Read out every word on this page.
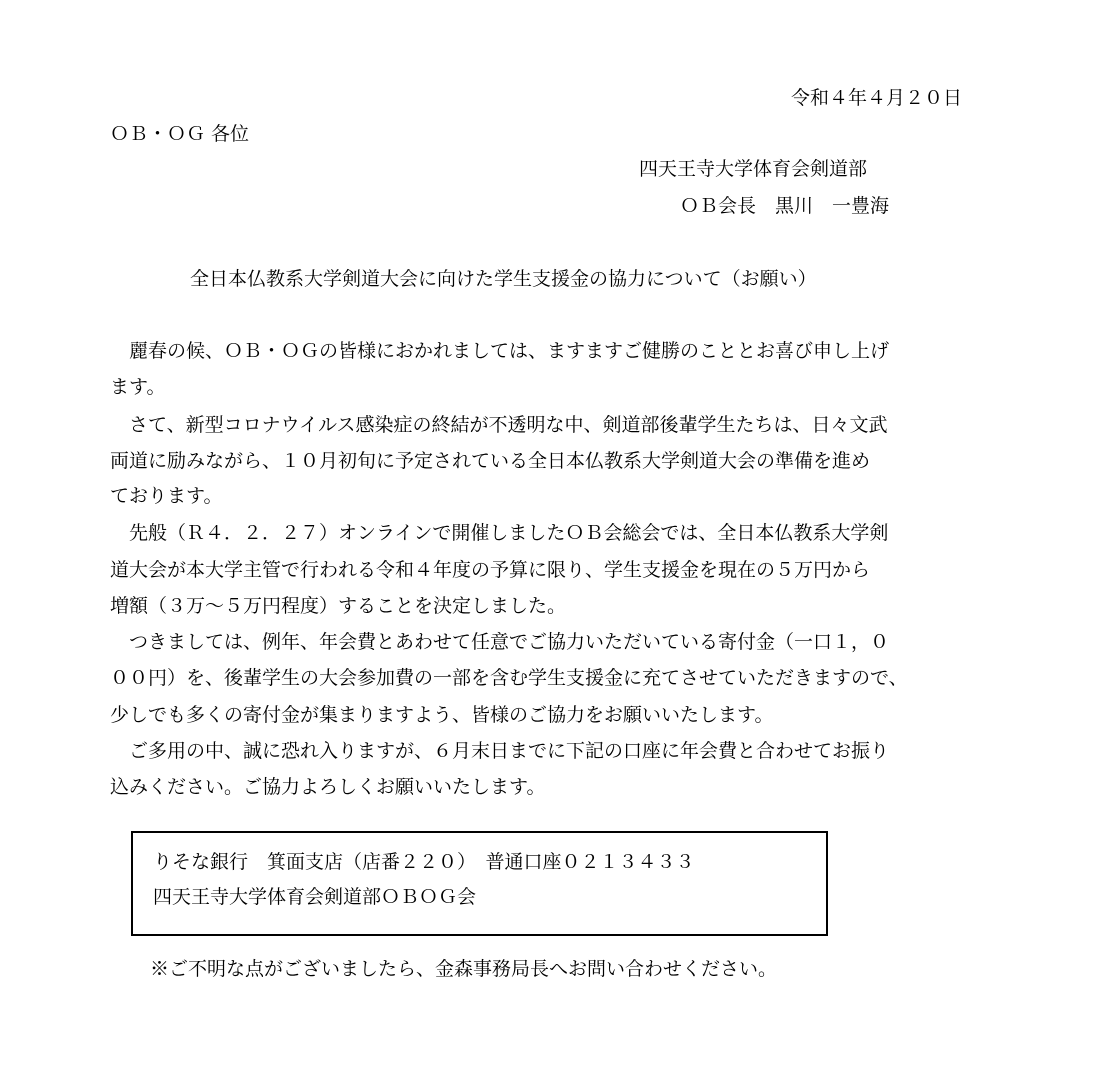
令和４年４月２０日
ＯＢ・ＯＧ 各位
四天王寺大学体育会剣道部
ＯＢ会長　黒川　一豊海
全日本仏教系大学剣道大会に向けた学生支援金の協力について（お願い）
　麗春の候、ＯＢ・ＯＧの皆様におかれましては、ますますご健勝のこととお喜び申し上げ
ます。
　さて、新型コロナウイルス感染症の終結が不透明な中、剣道部後輩学生たちは、日々文武
両道に励みながら、１０月初旬に予定されている全日本仏教系大学剣道大会の準備を進め
ております。
　先般（Ｒ４．２．２７）オンラインで開催しましたＯＢ会総会では、全日本仏教系大学剣
道大会が本大学主管で行われる令和４年度の予算に限り、学生支援金を現在の５万円から
増額（３万～５万円程度）することを決定しました。
　つきましては、例年、年会費とあわせて任意でご協力いただいている寄付金（一口１，０
００円）を、後輩学生の大会参加費の一部を含む学生支援金に充てさせていただきますので、
少しでも多くの寄付金が集まりますよう、皆様のご協力をお願いいたします。
　ご多用の中、誠に恐れ入りますが、６月末日までに下記の口座に年会費と合わせてお振り
込みください。ご協力よろしくお願いいたします。
りそな銀行　箕面支店（店番２２０）　普通口座０２１３４３３
四天王寺大学体育会剣道部ＯＢＯＧ会
※ご不明な点がございましたら、金森事務局長へお問い合わせください。
